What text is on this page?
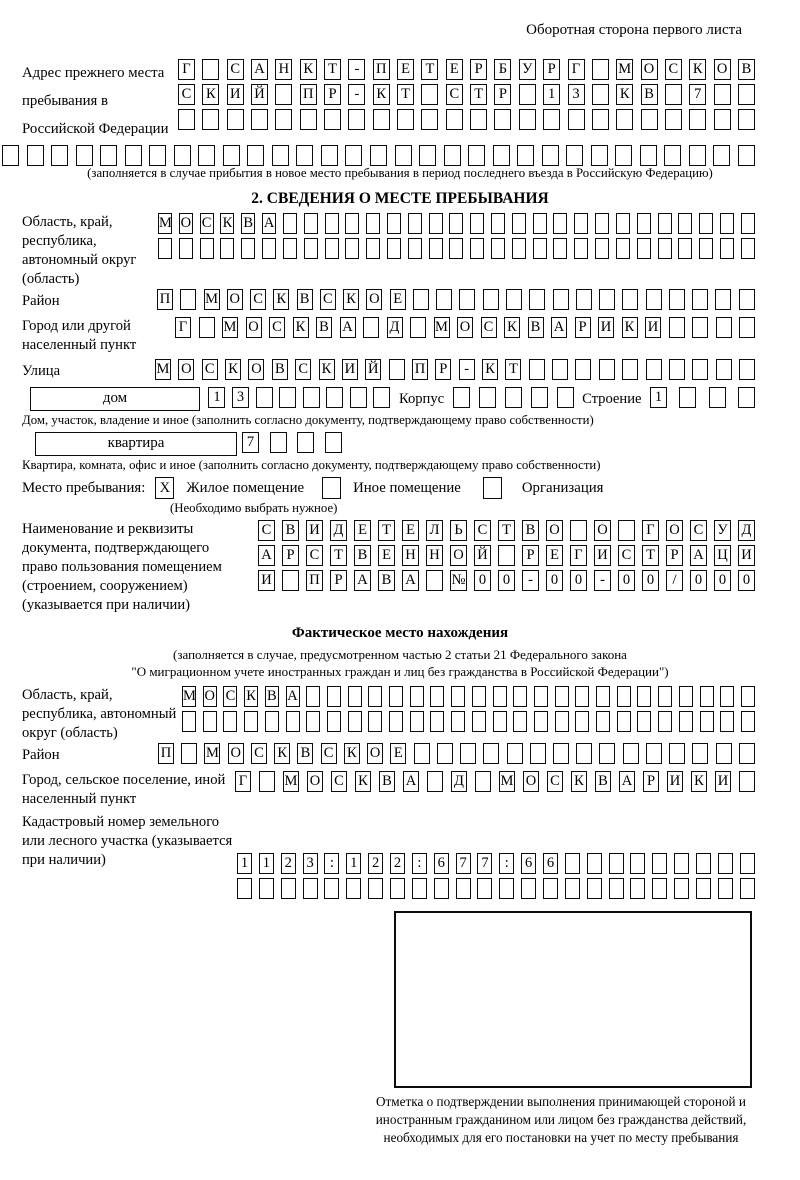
Оборотная сторона первого листа
Адрес прежнего места пребывания в Российской Федерации
Г	С А Н К Т	-	П Е Т Е	Р	Б У	Р	Г	М О С К О В
С К И Й	П	Р	-	К Т	С Т	Р	1	3	К В	7
(заполняется в случае прибытия в новое место пребывания в период последнего въезда в Российскую Федерацию)
2. СВЕДЕНИЯ О МЕСТЕ ПРЕБЫВАНИЯ
Область, край, республика, автономный округ (область)
М О С К В А
Район	П М О С К В С К О Е
Город или другой населенный пункт
Г	М О С К В А	Д М О С К В А Р И К И
Улица	М О С К О В С К И Й П Р	-	К Т
дом	1	3	Корпус	Строение 1
Дом, участок, владение и иное (заполнить согласно документу, подтверждающему право собственности)
квартира	7
Квартира, комната, офис и иное (заполнить согласно документу, подтверждающему право собственности)
Место пребывания: X Жилое помещение	Иное помещение	Организация
(Необходимо выбрать нужное)
Наименование и реквизиты документа, подтверждающего право пользования помещением (строением, сооружением) (указывается при наличии)
С В И Д Е Т Е Л Ь С Т В О	О	Г О С У Д
А	Р	С Т В Е Н Н О Й	Р	Е Г И С Т	Р	А Ц И
И	П	Р	А В А № 0	0	-	0	0	-	0	0	/	0	0	0
Фактическое место нахождения
(заполняется в случае, предусмотренном частью 2 статьи 21 Федерального закона
"О миграционном учете иностранных граждан и лиц без гражданства в Российской Федерации")
Область, край, республика, автономный округ (область)
М О С К В А
Район	П М О С К В С К О Е
Город, сельское поселение, иной населенный пункт
Г	М О С К В А	Д	М О С К В А Р И К И
Кадастровый номер земельного или лесного участка (указывается при наличии)	1 1 2 3	:	1 2 2	:	6 7 7	:	6 6
Отметка о подтверждении выполнения принимающей стороной и иностранным гражданином или лицом без гражданства действий, необходимых для его постановки на учет по месту пребывания
